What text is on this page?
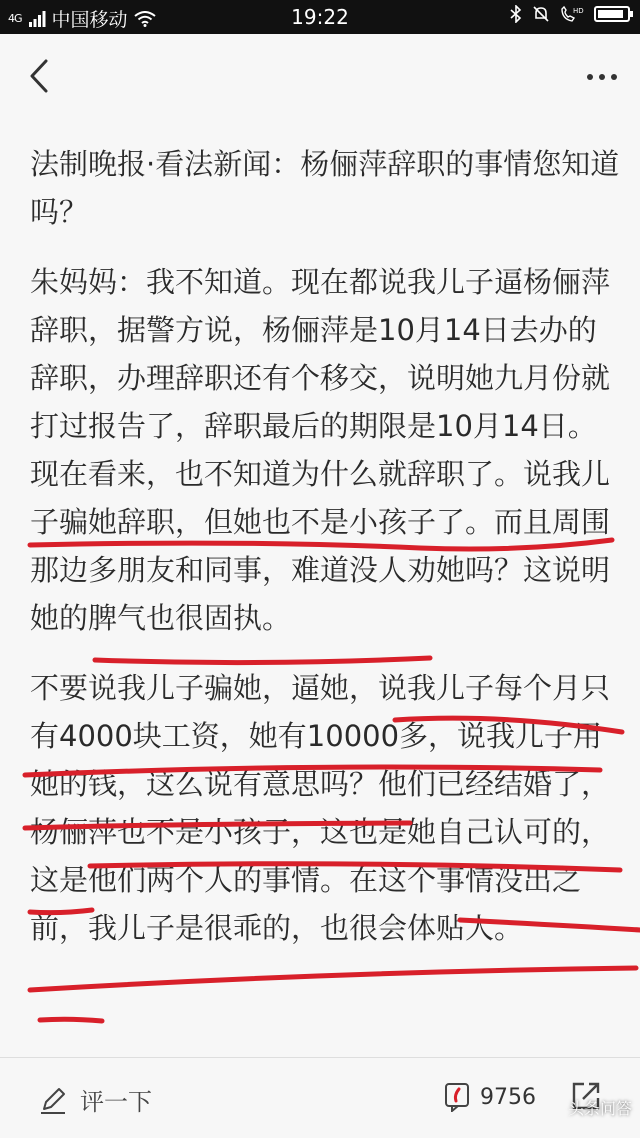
4G 中国移动	19:22	HD

法制晚报·看法新闻：杨俪萍辞职的事情您知道吗？

朱妈妈：我不知道。现在都说我儿子逼杨俪萍辞职，据警方说，杨俪萍是10月14日去办的辞职，办理辞职还有个移交，说明她九月份就打过报告了，辞职最后的期限是10月14日。现在看来，也不知道为什么就辞职了。说我儿子骗她辞职，但她也不是小孩子了。而且周围那边多朋友和同事，难道没人劝她吗？这说明她的脾气也很固执。

不要说我儿子骗她，逼她，说我儿子每个月只有4000块工资，她有10000多，说我儿子用她的钱，这么说有意思吗？他们已经结婚了，杨俪萍也不是小孩子，这也是她自己认可的，这是他们两个人的事情。在这个事情没出之前，我儿子是很乖的，也很会体贴人。

评一下	9756 头条问答
